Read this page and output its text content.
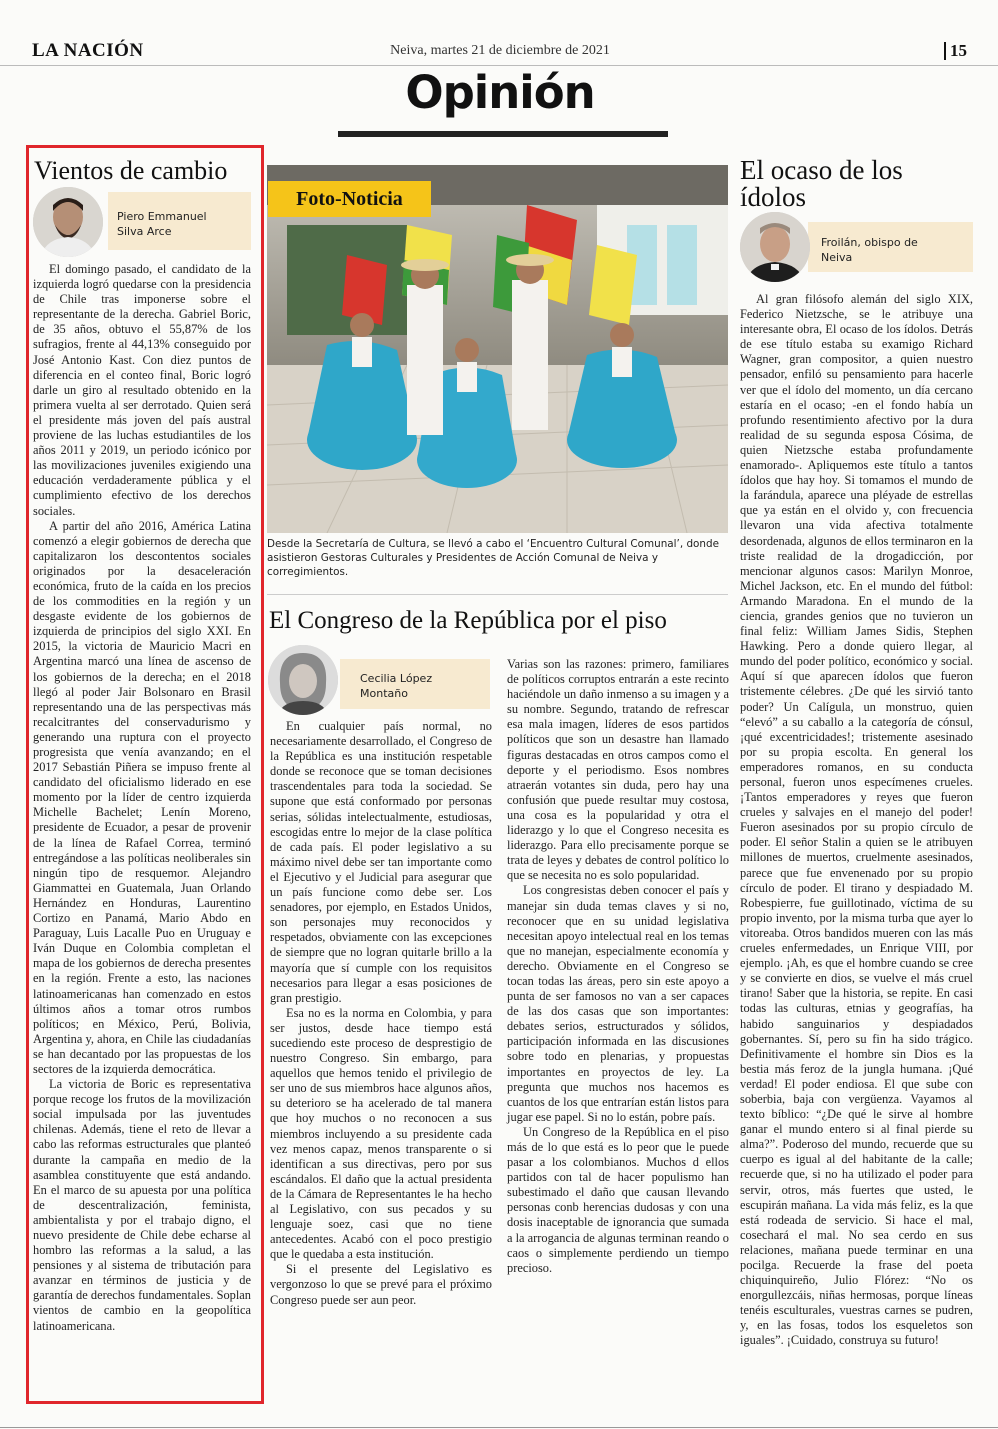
LA NACIÓN	Neiva, martes 21 de diciembre de 2021	15
Opinión
Vientos de cambio
Piero Emmanuel
Silva Arce

El domingo pasado, el candidato de la izquierda logró quedarse con la presidencia de Chile tras imponerse sobre el representante de la derecha. Gabriel Boric, de 35 años, obtuvo el 55,87% de los sufragios, frente al 44,13% conseguido por José Antonio Kast. Con diez puntos de diferencia en el conteo final, Boric logró darle un giro al resultado obtenido en la primera vuelta al ser derrotado. Quien será el presidente más joven del país austral proviene de las luchas estudiantiles de los años 2011 y 2019, un periodo icónico por las movilizaciones juveniles exigiendo una educación verdaderamente pública y el cumplimiento efectivo de los derechos sociales.

A partir del año 2016, América Latina comenzó a elegir gobiernos de derecha que capitalizaron los descontentos sociales originados por la desaceleración económica, fruto de la caída en los precios de los commodities en la región y un desgaste evidente de los gobiernos de izquierda de principios del siglo XXI. En 2015, la victoria de Mauricio Macri en Argentina marcó una línea de ascenso de los gobiernos de la derecha; en el 2018 llegó al poder Jair Bolsonaro en Brasil representando una de las perspectivas más recalcitrantes del conservadurismo y generando una ruptura con el proyecto progresista que venía avanzando; en el 2017 Sebastián Piñera se impuso frente al candidato del oficialismo liderado en ese momento por la líder de centro izquierda Michelle Bachelet; Lenín Moreno, presidente de Ecuador, a pesar de provenir de la línea de Rafael Correa, terminó entregándose a las políticas neoliberales sin ningún tipo de resquemor. Alejandro Giammattei en Guatemala, Juan Orlando Hernández en Honduras, Laurentino Cortizo en Panamá, Mario Abdo en Paraguay, Luis Lacalle Puo en Uruguay e Iván Duque en Colombia completan el mapa de los gobiernos de derecha presentes en la región. Frente a esto, las naciones latinoamericanas han comenzado en estos últimos años a tomar otros rumbos políticos; en México, Perú, Bolivia, Argentina y, ahora, en Chile las ciudadanías se han decantado por las propuestas de los sectores de la izquierda democrática.

La victoria de Boric es representativa porque recoge los frutos de la movilización social impulsada por las juventudes chilenas. Además, tiene el reto de llevar a cabo las reformas estructurales que planteó durante la campaña en medio de la asamblea constituyente que está andando. En el marco de su apuesta por una política de descentralización, feminista, ambientalista y por el trabajo digno, el nuevo presidente de Chile debe echarse al hombro las reformas a la salud, a las pensiones y al sistema de tributación para avanzar en términos de justicia y de garantía de derechos fundamentales. Soplan vientos de cambio en la geopolítica latinoamericana.

Foto-Noticia
Desde la Secretaría de Cultura, se llevó a cabo el ‘Encuentro Cultural Comunal’, donde asistieron Gestoras Culturales y Presidentes de Acción Comunal de Neiva y corregimientos.
El Congreso de la República por el piso
Cecilia López
Montaño

En cualquier país normal, no necesariamente desarrollado, el Congreso de la República es una institución respetable donde se reconoce que se toman decisiones trascendentales para toda la sociedad. Se supone que está conformado por personas serias, sólidas intelectualmente, estudiosas, escogidas entre lo mejor de la clase política de cada país. El poder legislativo a su máximo nivel debe ser tan importante como el Ejecutivo y el Judicial para asegurar que un país funcione como debe ser. Los senadores, por ejemplo, en Estados Unidos, son personajes muy reconocidos y respetados, obviamente con las excepciones de siempre que no logran quitarle brillo a la mayoría que sí cumple con los requisitos necesarios para llegar a esas posiciones de gran prestigio.

Esa no es la norma en Colombia, y para ser justos, desde hace tiempo está sucediendo este proceso de desprestigio de nuestro Congreso. Sin embargo, para aquellos que hemos tenido el privilegio de ser uno de sus miembros hace algunos años, su deterioro se ha acelerado de tal manera que hoy muchos o no reconocen a sus miembros incluyendo a su presidente cada vez menos capaz, menos transparente o si identifican a sus directivas, pero por sus escándalos. El daño que la actual presidenta de la Cámara de Representantes le ha hecho al Legislativo, con sus pecados y su lenguaje soez, casi que no tiene antecedentes. Acabó con el poco prestigio que le quedaba a esta institución.

Si el presente del Legislativo es vergonzoso lo que se prevé para el próximo Congreso puede ser aun peor.

Varias son las razones: primero, familiares de políticos corruptos entrarán a este recinto haciéndole un daño inmenso a su imagen y a su nombre. Segundo, tratando de refrescar esa mala imagen, líderes de esos partidos políticos que son un desastre han llamado figuras destacadas en otros campos como el deporte y el periodismo. Esos nombres atraerán votantes sin duda, pero hay una confusión que puede resultar muy costosa, una cosa es la popularidad y otra el liderazgo y lo que el Congreso necesita es liderazgo. Para ello precisamente porque se trata de leyes y debates de control político lo que se necesita no es solo popularidad.

Los congresistas deben conocer el país y manejar sin duda temas claves y si no, reconocer que en su unidad legislativa necesitan apoyo intelectual real en los temas que no manejan, especialmente economía y derecho. Obviamente en el Congreso se tocan todas las áreas, pero sin este apoyo a punta de ser famosos no van a ser capaces de las dos casas que son importantes: debates serios, estructurados y sólidos, participación informada en las discusiones sobre todo en plenarias, y propuestas importantes en proyectos de ley. La pregunta que muchos nos hacemos es cuantos de los que entrarían están listos para jugar ese papel. Si no lo están, pobre país.

Un Congreso de la República en el piso más de lo que está es lo peor que le puede pasar a los colombianos. Muchos d ellos partidos con tal de hacer populismo han subestimado el daño que causan llevando personas conb herencias dudosas y con una dosis inaceptable de ignorancia que sumada a la arrogancia de algunas terminan reando o caos o simplemente perdiendo un tiempo precioso.

El ocaso de los
ídolos
Froilán, obispo de
Neiva

Al gran filósofo alemán del siglo XIX, Federico Nietzsche, se le atribuye una interesante obra, El ocaso de los ídolos. Detrás de ese título estaba su examigo Richard Wagner, gran compositor, a quien nuestro pensador, enfiló su pensamiento para hacerle ver que el ídolo del momento, un día cercano estaría en el ocaso; -en el fondo había un profundo resentimiento afectivo por la dura realidad de su segunda esposa Cósima, de quien Nietzsche estaba profundamente enamorado-. Apliquemos este título a tantos ídolos que hay hoy. Si tomamos el mundo de la farándula, aparece una pléyade de estrellas que ya están en el olvido y, con frecuencia llevaron una vida afectiva totalmente desordenada, algunos de ellos terminaron en la triste realidad de la drogadicción, por mencionar algunos casos: Marilyn Monroe, Michel Jackson, etc. En el mundo del fútbol: Armando Maradona. En el mundo de la ciencia, grandes genios que no tuvieron un final feliz: William James Sidis, Stephen Hawking. Pero a donde quiero llegar, al mundo del poder político, económico y social. Aquí sí que aparecen ídolos que fueron tristemente célebres. ¿De qué les sirvió tanto poder? Un Calígula, un monstruo, quien “elevó” a su caballo a la categoría de cónsul, ¡qué excentricidades!; tristemente asesinado por su propia escolta. En general los emperadores romanos, en su conducta personal, fueron unos especímenes crueles. ¡Tantos emperadores y reyes que fueron crueles y salvajes en el manejo del poder! Fueron asesinados por su propio círculo de poder. El señor Stalin a quien se le atribuyen millones de muertos, cruelmente asesinados, parece que fue envenenado por su propio círculo de poder. El tirano y despiadado M. Robespierre, fue guillotinado, víctima de su propio invento, por la misma turba que ayer lo vitoreaba. Otros bandidos mueren con las más crueles enfermedades, un Enrique VIII, por ejemplo. ¡Ah, es que el hombre cuando se cree y se convierte en dios, se vuelve el más cruel tirano! Saber que la historia, se repite. En casi todas las culturas, etnias y geografías, ha habido sanguinarios y despiadados gobernantes. Sí, pero su fin ha sido trágico. Definitivamente el hombre sin Dios es la bestia más feroz de la jungla humana. ¡Qué verdad! El poder endiosa. El que sube con soberbia, baja con vergüenza. Vayamos al texto bíblico: “¿De qué le sirve al hombre ganar el mundo entero si al final pierde su alma?”. Poderoso del mundo, recuerde que su cuerpo es igual al del habitante de la calle; recuerde que, si no ha utilizado el poder para servir, otros, más fuertes que usted, le escupirán mañana. La vida más feliz, es la que está rodeada de servicio. Si hace el mal, cosechará el mal. No sea cerdo en sus relaciones, mañana puede terminar en una pocilga. Recuerde la frase del poeta chiquinquireño, Julio Flórez: “No os enorgullezcáis, niñas hermosas, porque líneas tenéis esculturales, vuestras carnes se pudren, y, en las fosas, todos los esqueletos son iguales”. ¡Cuidado, construya su futuro!
